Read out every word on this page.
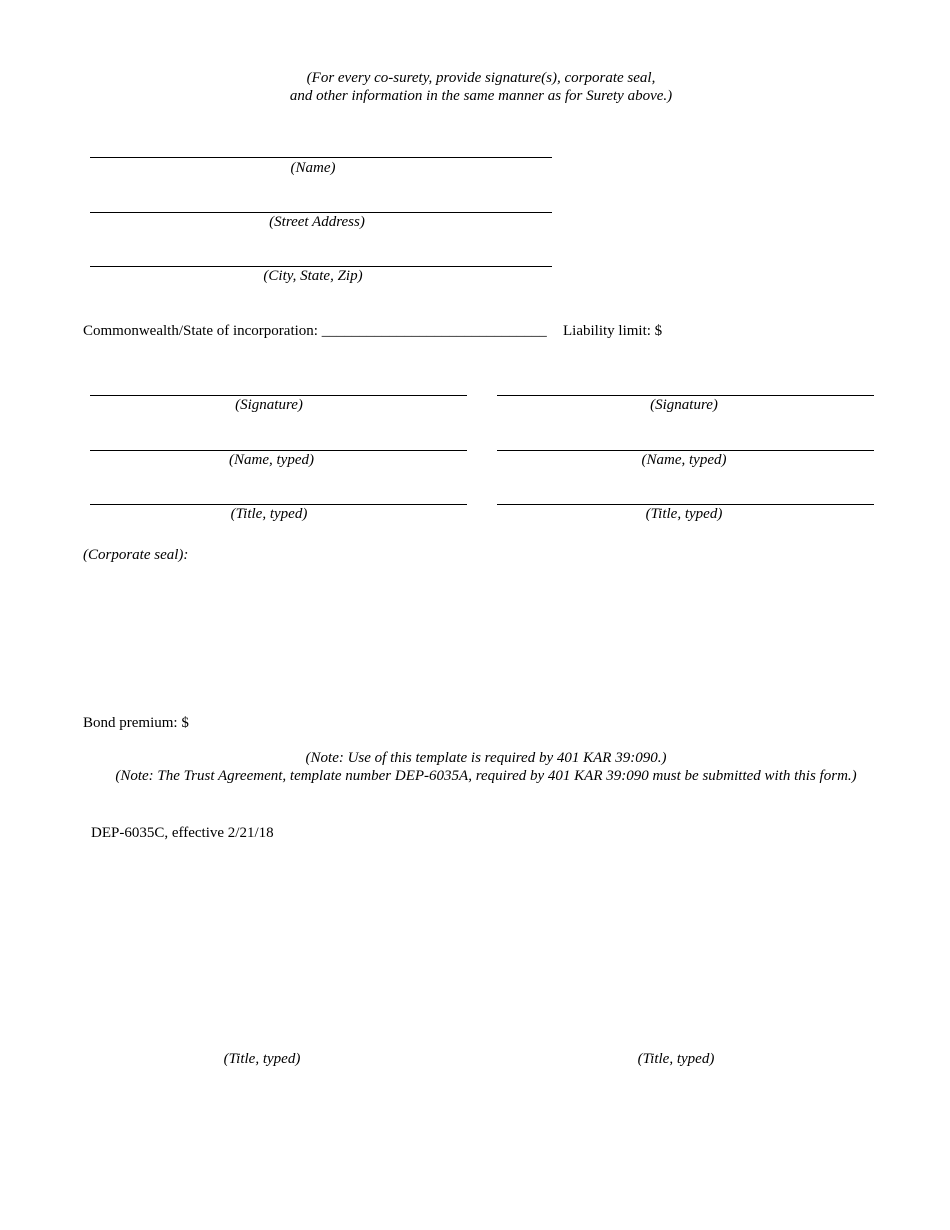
(For every co-surety, provide signature(s), corporate seal,
and other information in the same manner as for Surety above.)
(Name)
(Street Address)
(City, State, Zip)
Commonwealth/State of incorporation: ______________________________ Liability limit: $
(Signature)
(Name, typed)
(Title, typed)
(Signature)
(Name, typed)
(Title, typed)
(Corporate seal):
Bond premium: $
(Note: Use of this template is required by 401 KAR 39:090.)
(Note: The Trust Agreement, template number DEP-6035A, required by 401 KAR 39:090 must be submitted with this form.)
DEP-6035C, effective 2/21/18
(Title, typed)	(Title, typed)
